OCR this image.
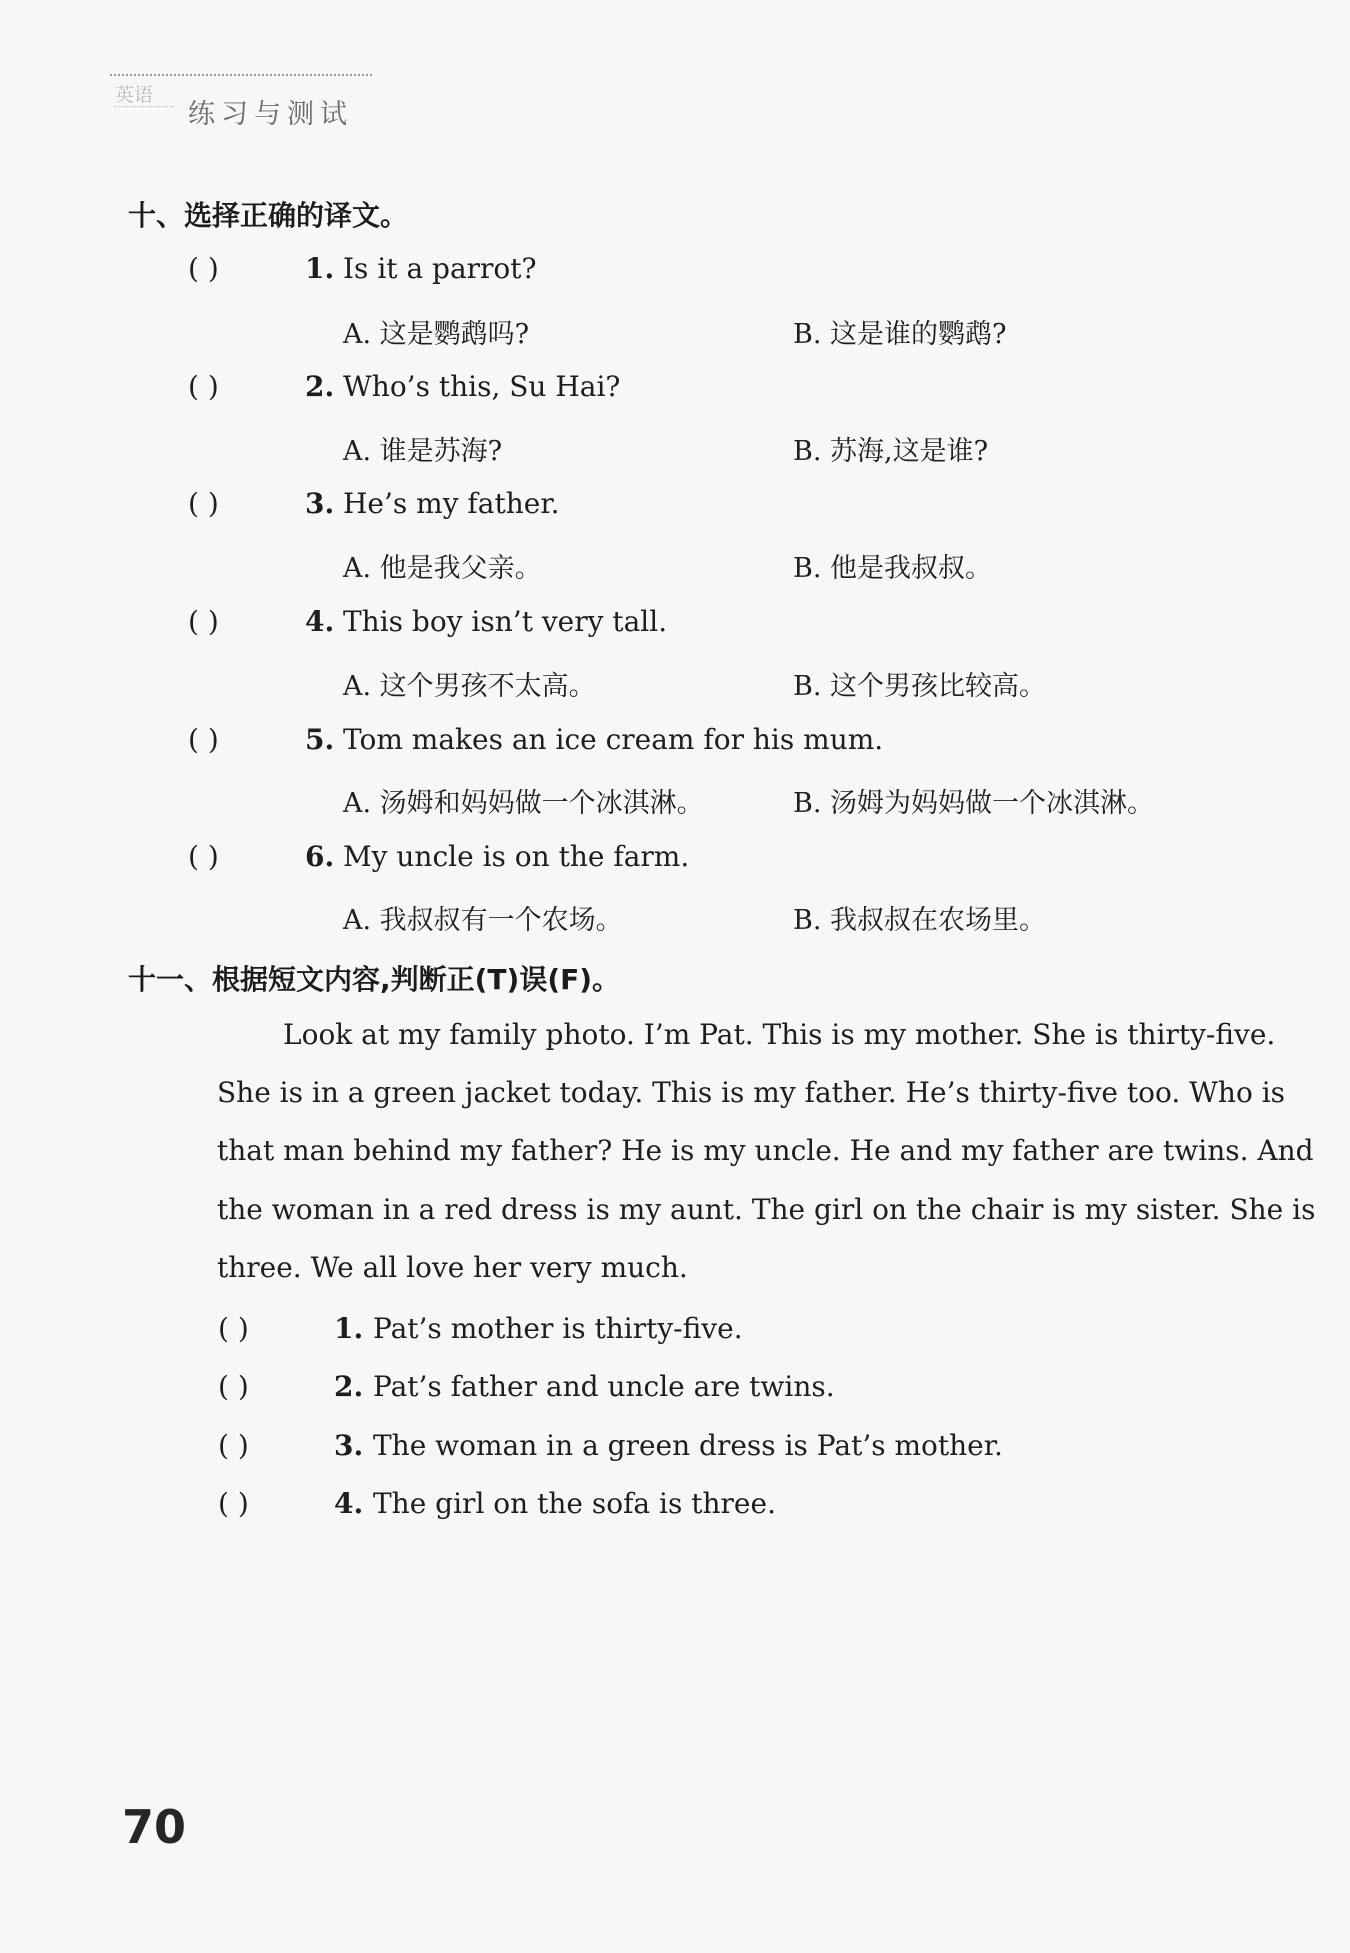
英语
练习与测试
十、选择正确的译文。
( )	1. Is it a parrot?
A. 这是鹦鹉吗?	B. 这是谁的鹦鹉?
( )	2. Who’s this, Su Hai?
A. 谁是苏海?	B. 苏海,这是谁?
( )	3. He’s my father.
A. 他是我父亲。	B. 他是我叔叔。
( )	4. This boy isn’t very tall.
A. 这个男孩不太高。	B. 这个男孩比较高。
( )	5. Tom makes an ice cream for his mum.
A. 汤姆和妈妈做一个冰淇淋。	B. 汤姆为妈妈做一个冰淇淋。
( )	6. My uncle is on the farm.
A. 我叔叔有一个农场。	B. 我叔叔在农场里。
十一、根据短文内容,判断正(T)误(F)。
Look at my family photo. I’m Pat. This is my mother. She is thirty-five.
She is in a green jacket today. This is my father. He’s thirty-five too. Who is
that man behind my father? He is my uncle. He and my father are twins. And
the woman in a red dress is my aunt. The girl on the chair is my sister. She is
three. We all love her very much.
( )	1. Pat’s mother is thirty-five.
( )	2. Pat’s father and uncle are twins.
( )	3. The woman in a green dress is Pat’s mother.
( )	4. The girl on the sofa is three.
70
